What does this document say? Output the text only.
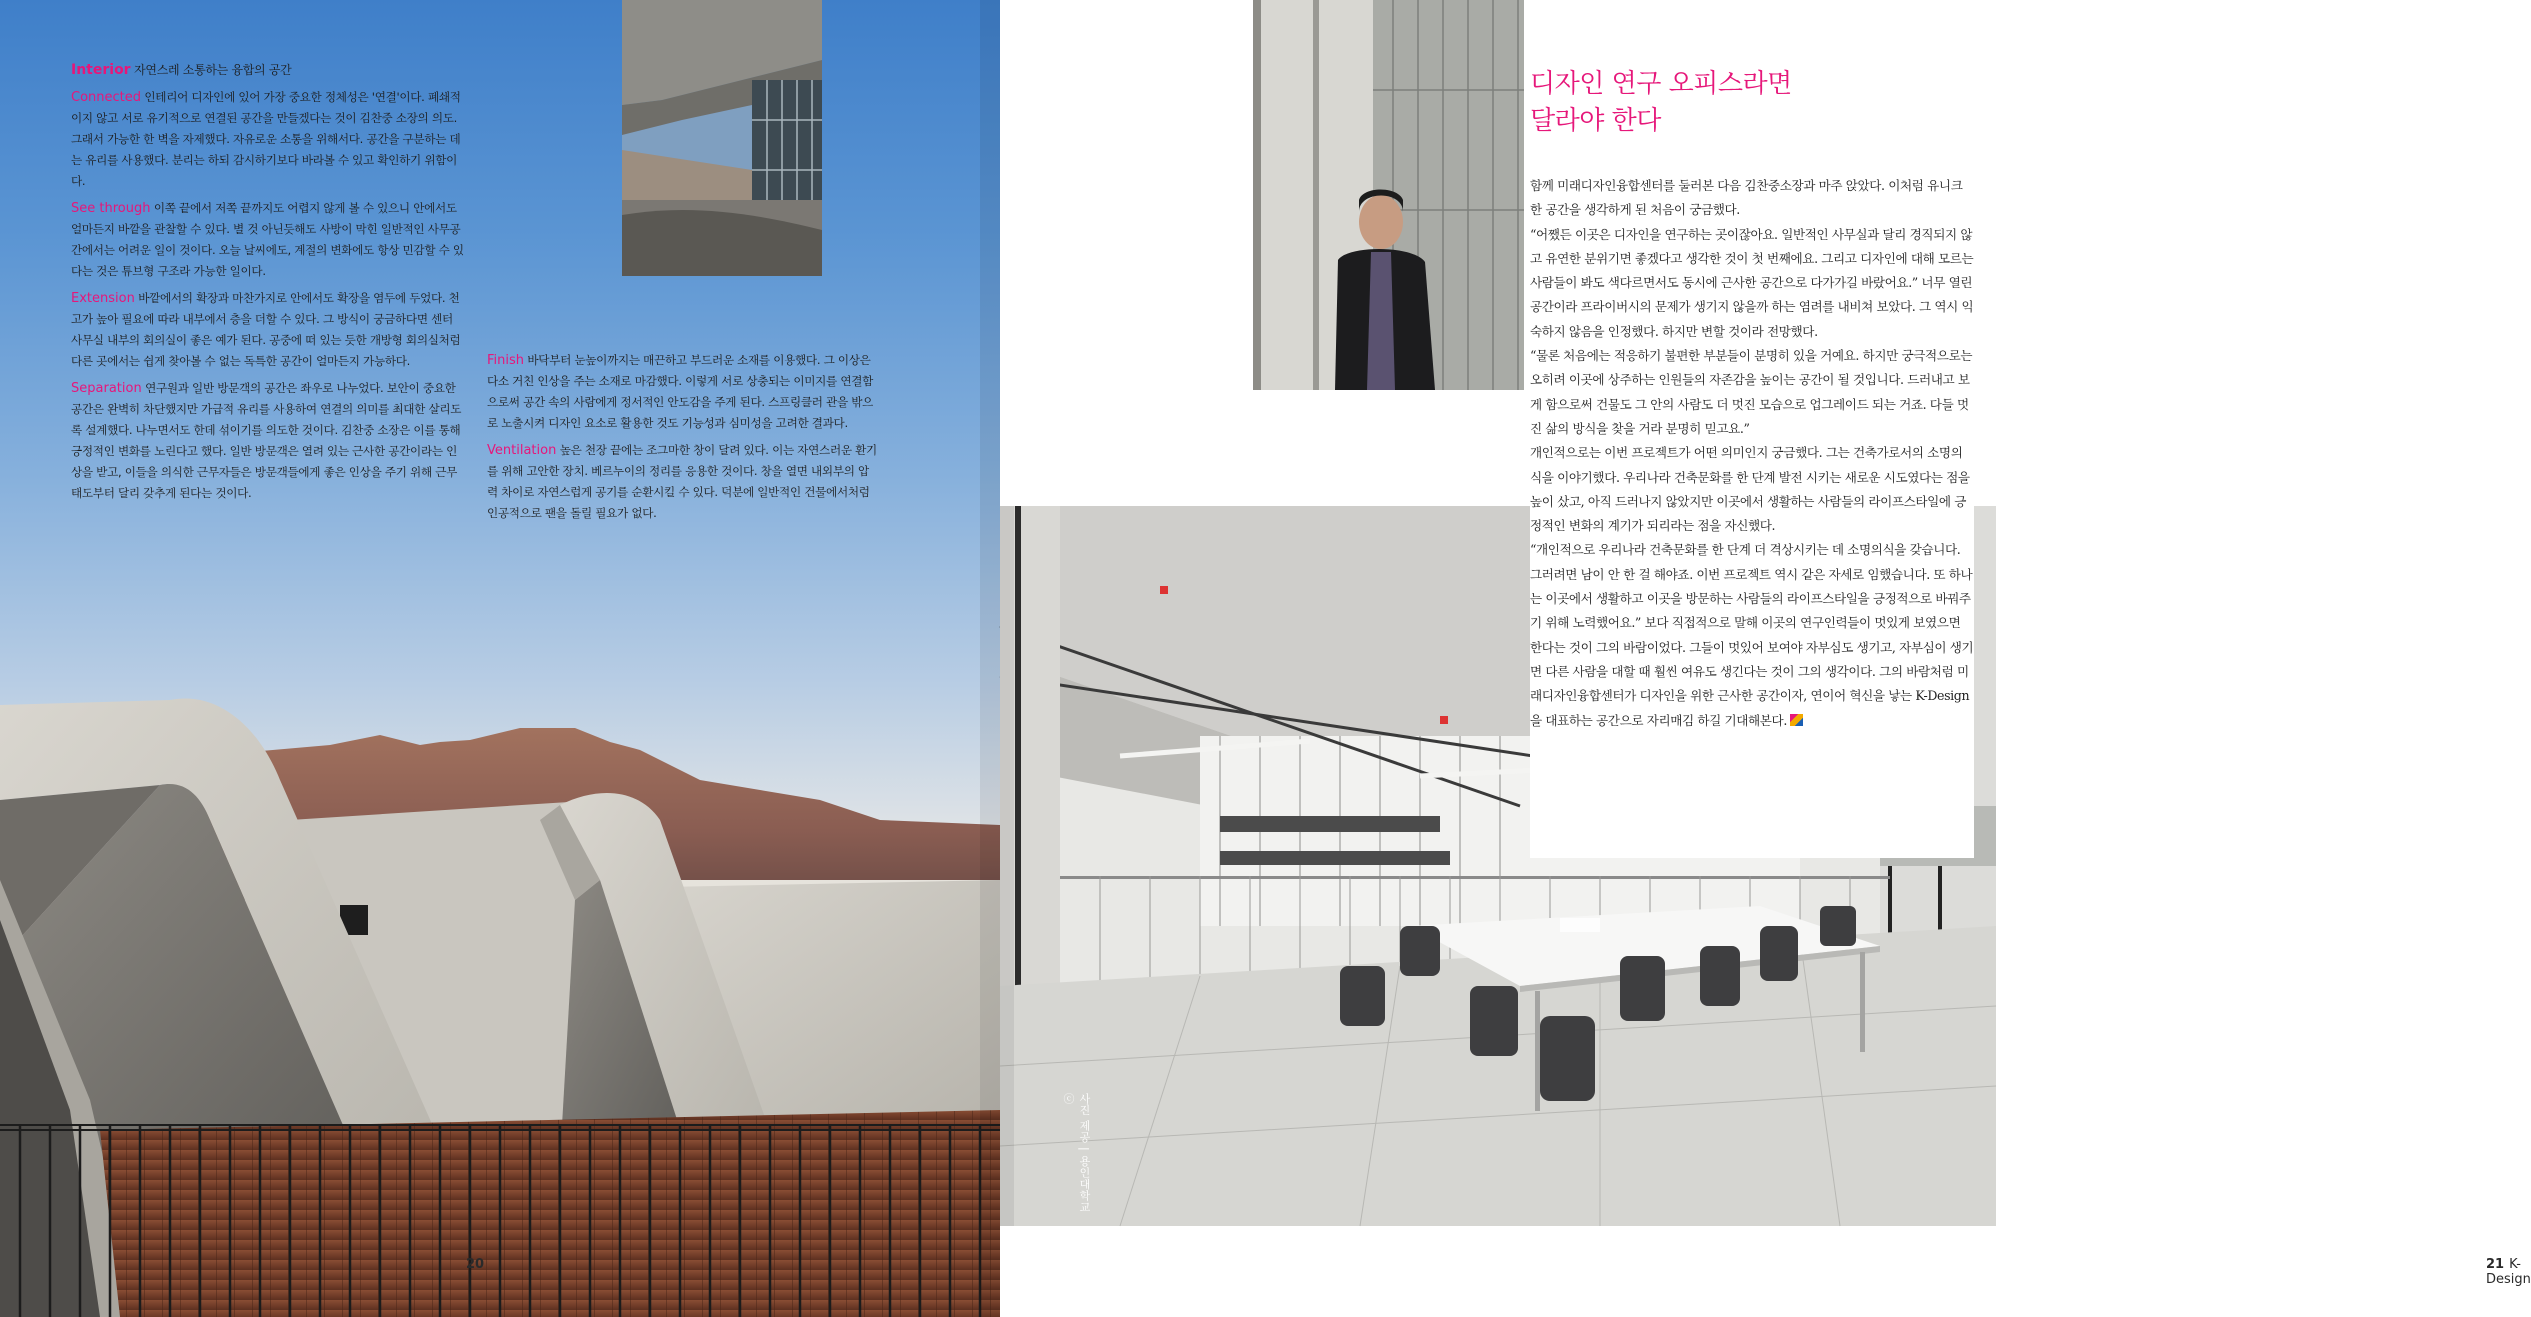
Interior 자연스레 소통하는 융합의 공간

Connected 인테리어 디자인에 있어 가장 중요한 정체성은 '연결'이다. 폐쇄적이지 않고 서로 유기적으로 연결된 공간을 만들겠다는 것이 김찬중 소장의 의도. 그래서 가능한 한 벽을 자제했다. 자유로운 소통을 위해서다. 공간을 구분하는 데는 유리를 사용했다. 분리는 하되 감시하기보다 바라볼 수 있고 확인하기 위함이다.

See through 이쪽 끝에서 저쪽 끝까지도 어렵지 않게 볼 수 있으니 안에서도 얼마든지 바깥을 관찰할 수 있다. 별 것 아닌듯해도 사방이 막힌 일반적인 사무공간에서는 어려운 일이 것이다. 오늘 날씨에도, 계절의 변화에도 항상 민감할 수 있다는 것은 튜브형 구조라 가능한 일이다.

Extension 바깥에서의 확장과 마찬가지로 안에서도 확장을 염두에 두었다. 천고가 높아 필요에 따라 내부에서 층을 더할 수 있다. 그 방식이 궁금하다면 센터 사무실 내부의 회의실이 좋은 예가 된다. 공중에 떠 있는 듯한 개방형 회의실처럼 다른 곳에서는 쉽게 찾아볼 수 없는 독특한 공간이 얼마든지 가능하다.

Separation 연구원과 일반 방문객의 공간은 좌우로 나누었다. 보안이 중요한 공간은 완벽히 차단했지만 가급적 유리를 사용하여 연결의 의미를 최대한 살리도록 설계했다. 나누면서도 한데 섞이기를 의도한 것이다. 김찬중 소장은 이를 통해 긍정적인 변화를 노린다고 했다. 일반 방문객은 열려 있는 근사한 공간이라는 인상을 받고, 이들을 의식한 근무자들은 방문객들에게 좋은 인상을 주기 위해 근무 태도부터 달리 갖추게 된다는 것이다.

Finish 바닥부터 눈높이까지는 매끈하고 부드러운 소재를 이용했다. 그 이상은 다소 거친 인상을 주는 소재로 마감했다. 이렇게 서로 상충되는 이미지를 연결함으로써 공간 속의 사람에게 정서적인 안도감을 주게 된다. 스프링클러 관을 밖으로 노출시켜 디자인 요소로 활용한 것도 기능성과 심미성을 고려한 결과다.

Ventilation 높은 천장 끝에는 조그마한 창이 달려 있다. 이는 자연스러운 환기를 위해 고안한 장치. 베르누이의 정리를 응용한 것이다. 창을 열면 내외부의 압력 차이로 자연스럽게 공기를 순환시킬 수 있다. 덕분에 일반적인 건물에서처럼 인공적으로 팬을 돌릴 필요가 없다.

20
디자인 연구 오피스라면
달라야 한다

함께 미래디자인융합센터를 둘러본 다음 김찬중소장과 마주 앉았다. 이처럼 유니크한 공간을 생각하게 된 처음이 궁금했다.

“어쨌든 이곳은 디자인을 연구하는 곳이잖아요. 일반적인 사무실과 달리 경직되지 않고 유연한 분위기면 좋겠다고 생각한 것이 첫 번째에요. 그리고 디자인에 대해 모르는 사람들이 봐도 색다르면서도 동시에 근사한 공간으로 다가가길 바랐어요.” 너무 열린 공간이라 프라이버시의 문제가 생기지 않을까 하는 염려를 내비쳐 보았다. 그 역시 익숙하지 않음을 인정했다. 하지만 변할 것이라 전망했다.

“물론 처음에는 적응하기 불편한 부분들이 분명히 있을 거예요. 하지만 궁극적으로는 오히려 이곳에 상주하는 인원들의 자존감을 높이는 공간이 될 것입니다. 드러내고 보게 함으로써 건물도 그 안의 사람도 더 멋진 모습으로 업그레이드 되는 거죠. 다들 멋진 삶의 방식을 찾을 거라 분명히 믿고요.”

개인적으로는 이번 프로젝트가 어떤 의미인지 궁금했다. 그는 건축가로서의 소명의식을 이야기했다. 우리나라 건축문화를 한 단계 발전 시키는 새로운 시도였다는 점을 높이 샀고, 아직 드러나지 않았지만 이곳에서 생활하는 사람들의 라이프스타일에 긍정적인 변화의 계기가 되리라는 점을 자신했다.

“개인적으로 우리나라 건축문화를 한 단계 더 격상시키는 데 소명의식을 갖습니다. 그러려면 남이 안 한 걸 해야죠. 이번 프로젝트 역시 같은 자세로 임했습니다. 또 하나는 이곳에서 생활하고 이곳을 방문하는 사람들의 라이프스타일을 긍정적으로 바꿔주기 위해 노력했어요.” 보다 직접적으로 말해 이곳의 연구인력들이 멋있게 보였으면 한다는 것이 그의 바람이었다. 그들이 멋있어 보여야 자부심도 생기고, 자부심이 생기면 다른 사람을 대할 때 훨씬 여유도 생긴다는 것이 그의 생각이다. 그의 바람처럼 미래디자인융합센터가 디자인을 위한 근사한 공간이자, 연이어 혁신을 낳는 K-Design을 대표하는 공간으로 자리매김 하길 기대해본다.

21 K-Design
사진 제공 | 용인대학교 ⓒ
